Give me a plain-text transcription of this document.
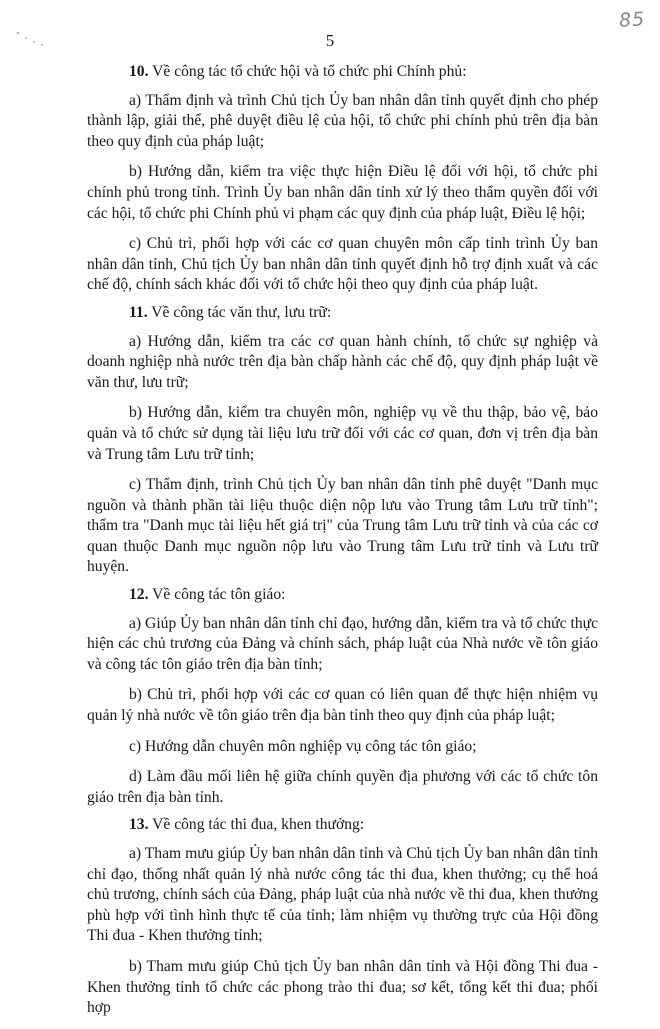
5
85

10. Về công tác tổ chức hội và tổ chức phi Chính phủ:

a) Thẩm định và trình Chủ tịch Ủy ban nhân dân tỉnh quyết định cho phép thành lập, giải thể, phê duyệt điều lệ của hội, tổ chức phi chính phủ trên địa bàn theo quy định của pháp luật;

b) Hướng dẫn, kiểm tra việc thực hiện Điều lệ đối với hội, tổ chức phi chính phủ trong tỉnh. Trình Ủy ban nhân dân tỉnh xử lý theo thẩm quyền đối với các hội, tổ chức phi Chính phủ vi phạm các quy định của pháp luật, Điều lệ hội;

c) Chủ trì, phối hợp với các cơ quan chuyên môn cấp tỉnh trình Ủy ban nhân dân tỉnh, Chủ tịch Ủy ban nhân dân tỉnh quyết định hỗ trợ định xuất và các chế độ, chính sách khác đối với tổ chức hội theo quy định của pháp luật.

11. Về công tác văn thư, lưu trữ:

a) Hướng dẫn, kiểm tra các cơ quan hành chính, tổ chức sự nghiệp và doanh nghiệp nhà nước trên địa bàn chấp hành các chế độ, quy định pháp luật về văn thư, lưu trữ;

b) Hướng dẫn, kiểm tra chuyên môn, nghiệp vụ về thu thập, bảo vệ, bảo quản và tổ chức sử dụng tài liệu lưu trữ đối với các cơ quan, đơn vị trên địa bàn và Trung tâm Lưu trữ tỉnh;

c) Thẩm định, trình Chủ tịch Ủy ban nhân dân tỉnh phê duyệt "Danh mục nguồn và thành phần tài liệu thuộc diện nộp lưu vào Trung tâm Lưu trữ tỉnh"; thẩm tra "Danh mục tài liệu hết giá trị" của Trung tâm Lưu trữ tỉnh và của các cơ quan thuộc Danh mục nguồn nộp lưu vào Trung tâm Lưu trữ tỉnh và Lưu trữ huyện.

12. Về công tác tôn giáo:

a) Giúp Ủy ban nhân dân tỉnh chỉ đạo, hướng dẫn, kiểm tra và tổ chức thực hiện các chủ trương của Đảng và chính sách, pháp luật của Nhà nước về tôn giáo và công tác tôn giáo trên địa bàn tỉnh;

b) Chủ trì, phối hợp với các cơ quan có liên quan để thực hiện nhiệm vụ quản lý nhà nước về tôn giáo trên địa bàn tỉnh theo quy định của pháp luật;

c) Hướng dẫn chuyên môn nghiệp vụ công tác tôn giáo;

d) Làm đầu mối liên hệ giữa chính quyền địa phương với các tổ chức tôn giáo trên địa bàn tỉnh.

13. Về công tác thi đua, khen thưởng:

a) Tham mưu giúp Ủy ban nhân dân tỉnh và Chủ tịch Ủy ban nhân dân tỉnh chỉ đạo, thống nhất quản lý nhà nước công tác thi đua, khen thưởng; cụ thể hoá chủ trương, chính sách của Đảng, pháp luật của nhà nước về thi đua, khen thưởng phù hợp với tình hình thực tế của tỉnh; làm nhiệm vụ thường trực của Hội đồng Thi đua - Khen thưởng tỉnh;

b) Tham mưu giúp Chủ tịch Ủy ban nhân dân tỉnh và Hội đồng Thi đua - Khen thưởng tỉnh tổ chức các phong trào thi đua; sơ kết, tổng kết thi đua; phối hợp
